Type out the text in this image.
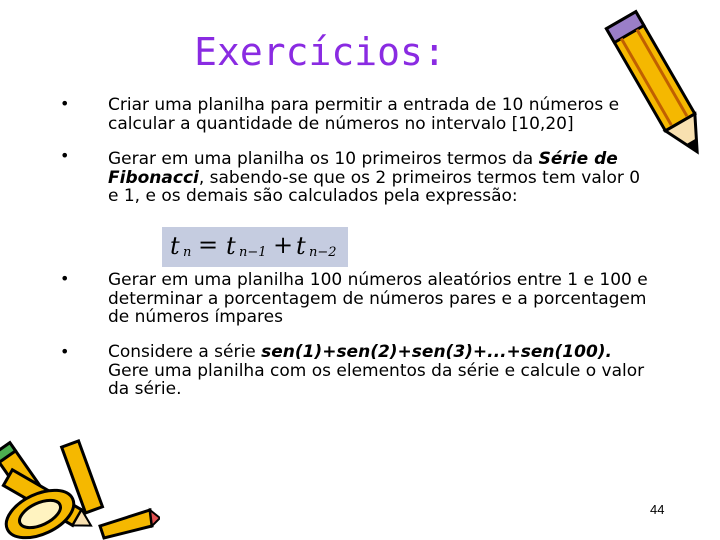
Exercícios:
•
•
•
•
Criar uma planilha para permitir a entrada de 10 números e calcular a quantidade de números no intervalo [10,20]
Gerar em uma planilha os 10 primeiros termos da Série de Fibonacci, sabendo-se que os 2 primeiros termos tem valor 0 e 1, e os demais são calculados pela expressão:
Gerar em uma planilha 100 números aleatórios entre 1 e 100 e determinar a porcentagem de números pares e a porcentagem de números ímpares
Considere a série sen(1)+sen(2)+sen(3)+...+sen(100). Gere uma planilha com os elementos da série e calcule o valor da série.
t n = t n−1 + t n−2
44
